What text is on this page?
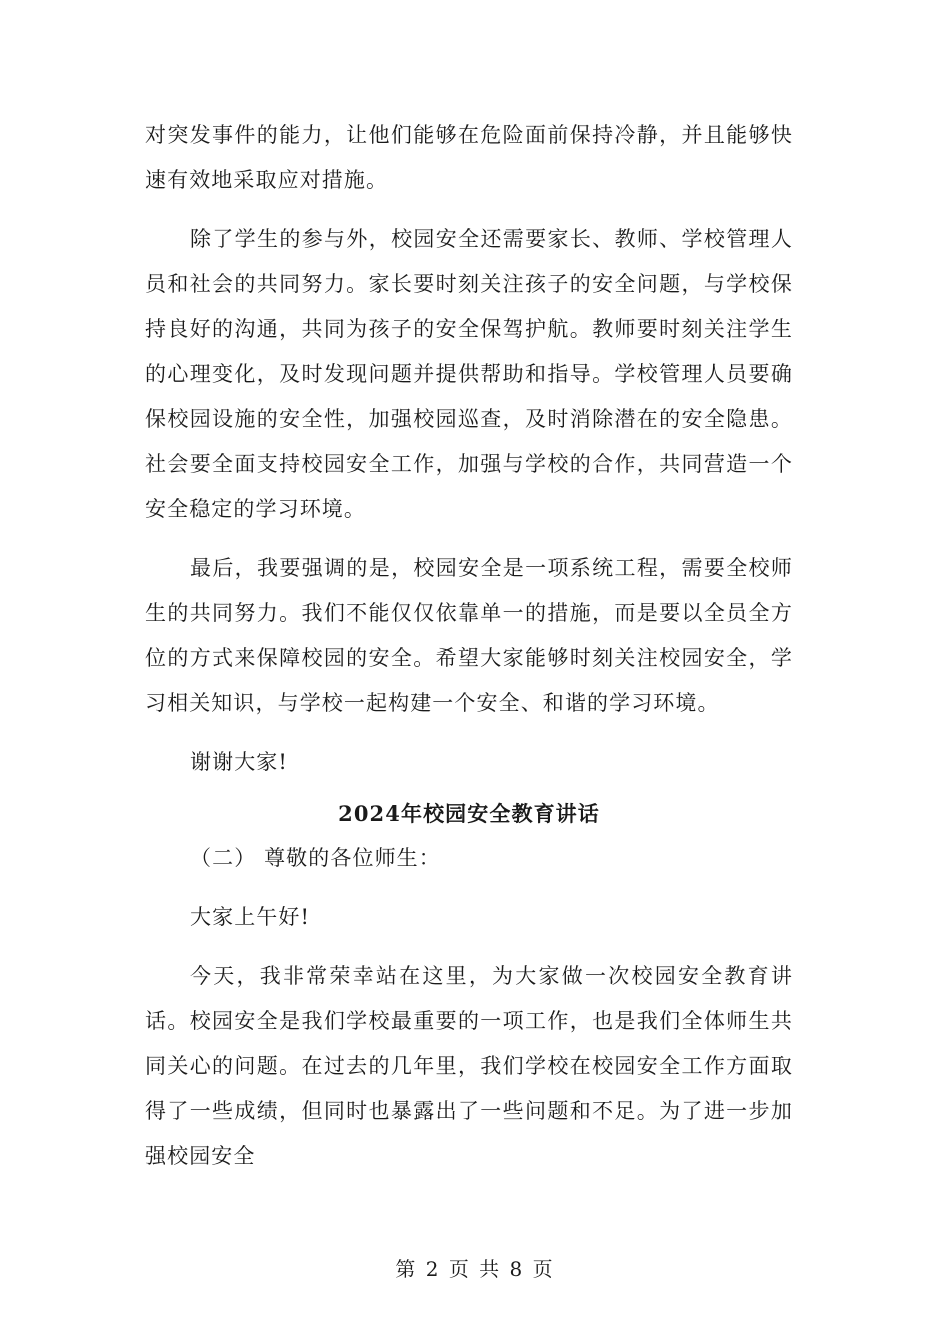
对突发事件的能力，让他们能够在危险面前保持冷静，并且能够快速有效地采取应对措施。

除了学生的参与外，校园安全还需要家长、教师、学校管理人员和社会的共同努力。家长要时刻关注孩子的安全问题，与学校保持良好的沟通，共同为孩子的安全保驾护航。教师要时刻关注学生的心理变化，及时发现问题并提供帮助和指导。学校管理人员要确保校园设施的安全性，加强校园巡查，及时消除潜在的安全隐患。社会要全面支持校园安全工作，加强与学校的合作，共同营造一个安全稳定的学习环境。

最后，我要强调的是，校园安全是一项系统工程，需要全校师生的共同努力。我们不能仅仅依靠单一的措施，而是要以全员全方位的方式来保障校园的安全。希望大家能够时刻关注校园安全，学习相关知识，与学校一起构建一个安全、和谐的学习环境。

谢谢大家!

2024年校园安全教育讲话

（二） 尊敬的各位师生：

大家上午好!

今天，我非常荣幸站在这里，为大家做一次校园安全教育讲话。校园安全是我们学校最重要的一项工作，也是我们全体师生共同关心的问题。在过去的几年里，我们学校在校园安全工作方面取得了一些成绩，但同时也暴露出了一些问题和不足。为了进一步加强校园安全

第 2 页 共 8 页
